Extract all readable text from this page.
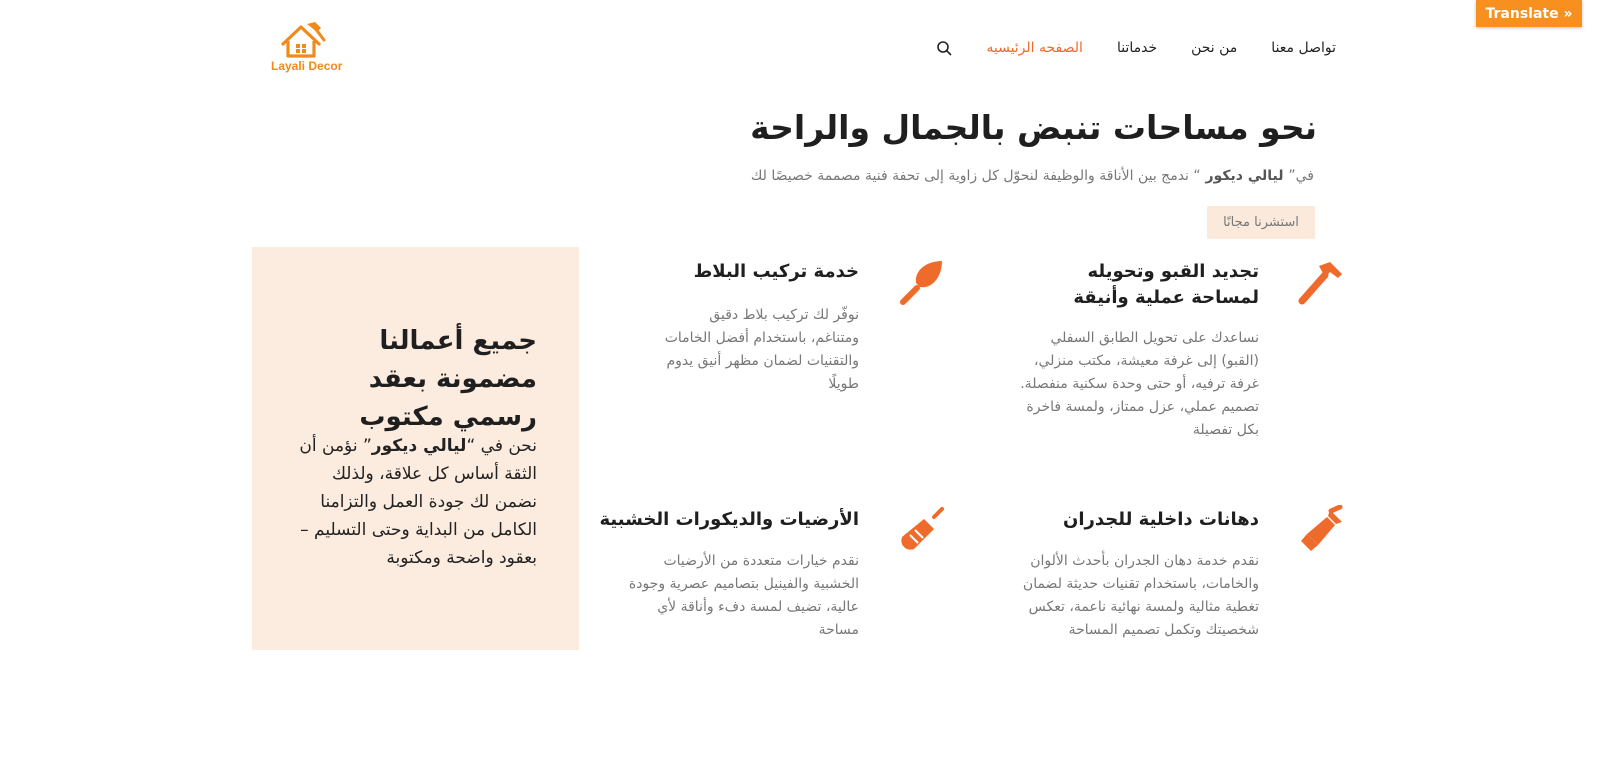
Translate »
Layali Decor
الصفحه الرئيسيه خدماتنا من نحن تواصل معنا
نحو مساحات تنبض بالجمال والراحة
في” ليالي ديكور “ ندمج بين الأناقة والوظيفة لنحوّل كل زاوية إلى تحفة فنية مصممة خصيصًا لك
استشرنا مجانًا
جميع أعمالنا مضمونة بعقد رسمي مكتوب
نحن في “ليالي ديكور” نؤمن أن الثقة أساس كل علاقة، ولذلك نضمن لك جودة العمل والتزامنا الكامل من البداية وحتى التسليم – بعقود واضحة ومكتوبة
تجديد القبو وتحويله لمساحة عملية وأنيقة
نساعدك على تحويل الطابق السفلي (القبو) إلى غرفة معيشة، مكتب منزلي، غرفة ترفيه، أو حتى وحدة سكنية منفصلة. تصميم عملي، عزل ممتاز، ولمسة فاخرة بكل تفصيلة
خدمة تركيب البلاط
نوفّر لك تركيب بلاط دقيق ومتناغم، باستخدام أفضل الخامات والتقنيات لضمان مظهر أنيق يدوم طويلًا
دهانات داخلية للجدران
نقدم خدمة دهان الجدران بأحدث الألوان والخامات، باستخدام تقنيات حديثة لضمان تغطية مثالية ولمسة نهائية ناعمة، تعكس شخصيتك وتكمل تصميم المساحة
الأرضيات والديكورات الخشبية
نقدم خيارات متعددة من الأرضيات الخشبية والفينيل بتصاميم عصرية وجودة عالية، تضيف لمسة دفء وأناقة لأي مساحة
